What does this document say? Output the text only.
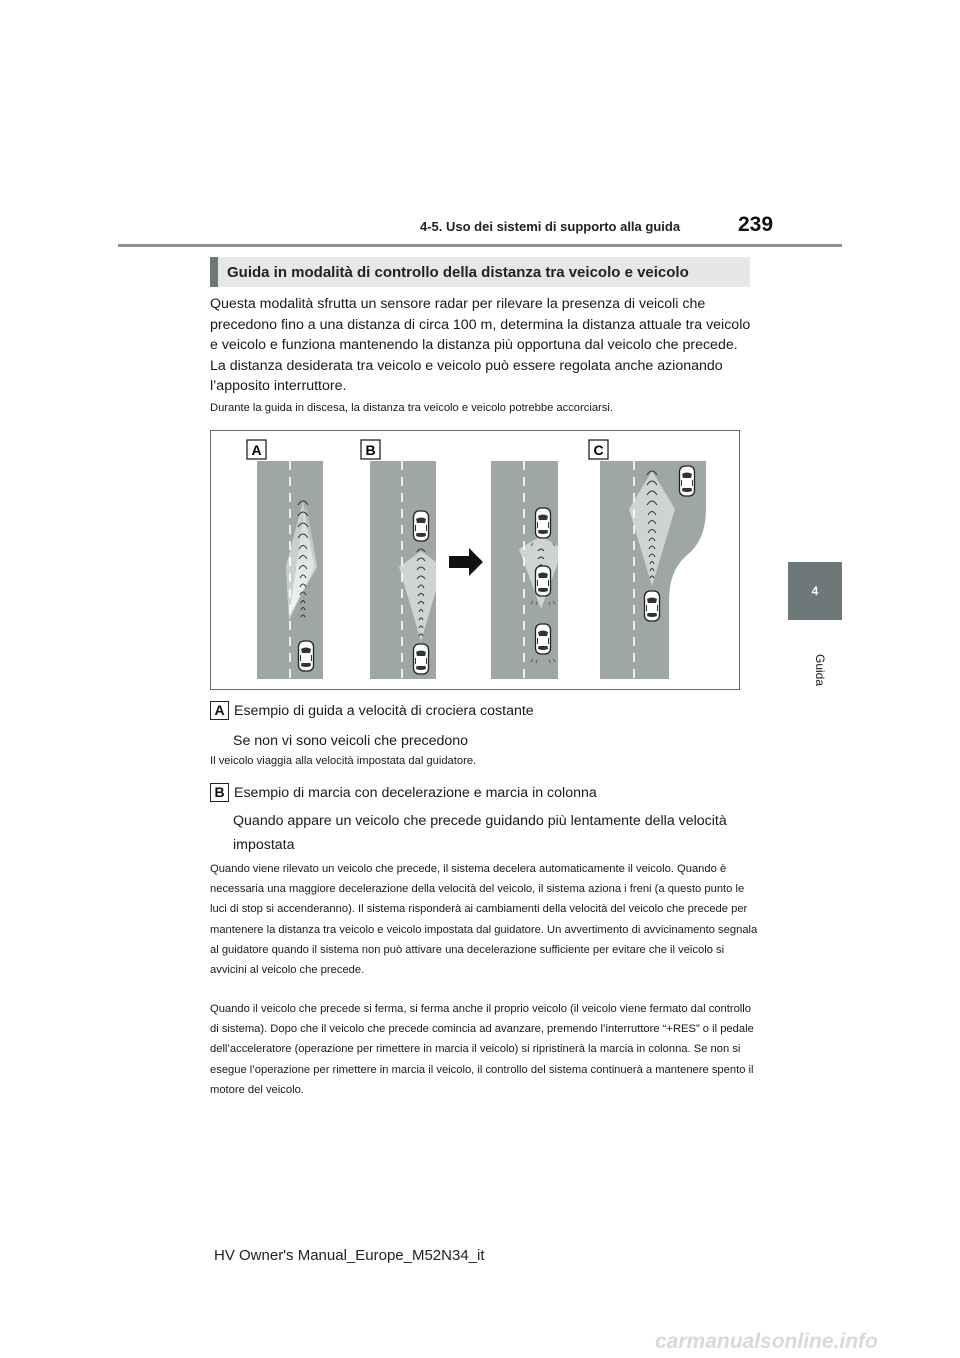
4-5. Uso dei sistemi di supporto alla guida	239
4
Guida
Guida in modalità di controllo della distanza tra veicolo e veicolo

Questa modalità sfrutta un sensore radar per rilevare la presenza di veicoli che precedono fino a una distanza di circa 100 m, determina la distanza attuale tra veicolo e veicolo e funziona mantenendo la distanza più opportuna dal veicolo che precede. La distanza desiderata tra veicolo e veicolo può essere regolata anche azionando l’apposito interruttore.

Durante la guida in discesa, la distanza tra veicolo e veicolo potrebbe accorciarsi.

A	B	C
A Esempio di guida a velocità di crociera costante

Se non vi sono veicoli che precedono

Il veicolo viaggia alla velocità impostata dal guidatore.

B Esempio di marcia con decelerazione e marcia in colonna

Quando appare un veicolo che precede guidando più lentamente della velocità impostata

Quando viene rilevato un veicolo che precede, il sistema decelera automaticamente il veicolo. Quando è necessaria una maggiore decelerazione della velocità del veicolo, il sistema aziona i freni (a questo punto le luci di stop si accenderanno). Il sistema risponderà ai cambiamenti della velocità del veicolo che precede per mantenere la distanza tra veicolo e veicolo impostata dal guidatore. Un avvertimento di avvicinamento segnala al guidatore quando il sistema non può attivare una decelerazione sufficiente per evitare che il veicolo si avvicini al veicolo che precede.

Quando il veicolo che precede si ferma, si ferma anche il proprio veicolo (il veicolo viene fermato dal controllo di sistema). Dopo che il veicolo che precede comincia ad avanzare, premendo l’interruttore “+RES” o il pedale dell’acceleratore (operazione per rimettere in marcia il veicolo) si ripristinerà la marcia in colonna. Se non si esegue l’operazione per rimettere in marcia il veicolo, il controllo del sistema continuerà a mantenere spento il motore del veicolo.

HV Owner's Manual_Europe_M52N34_it
carmanualsonline.info
